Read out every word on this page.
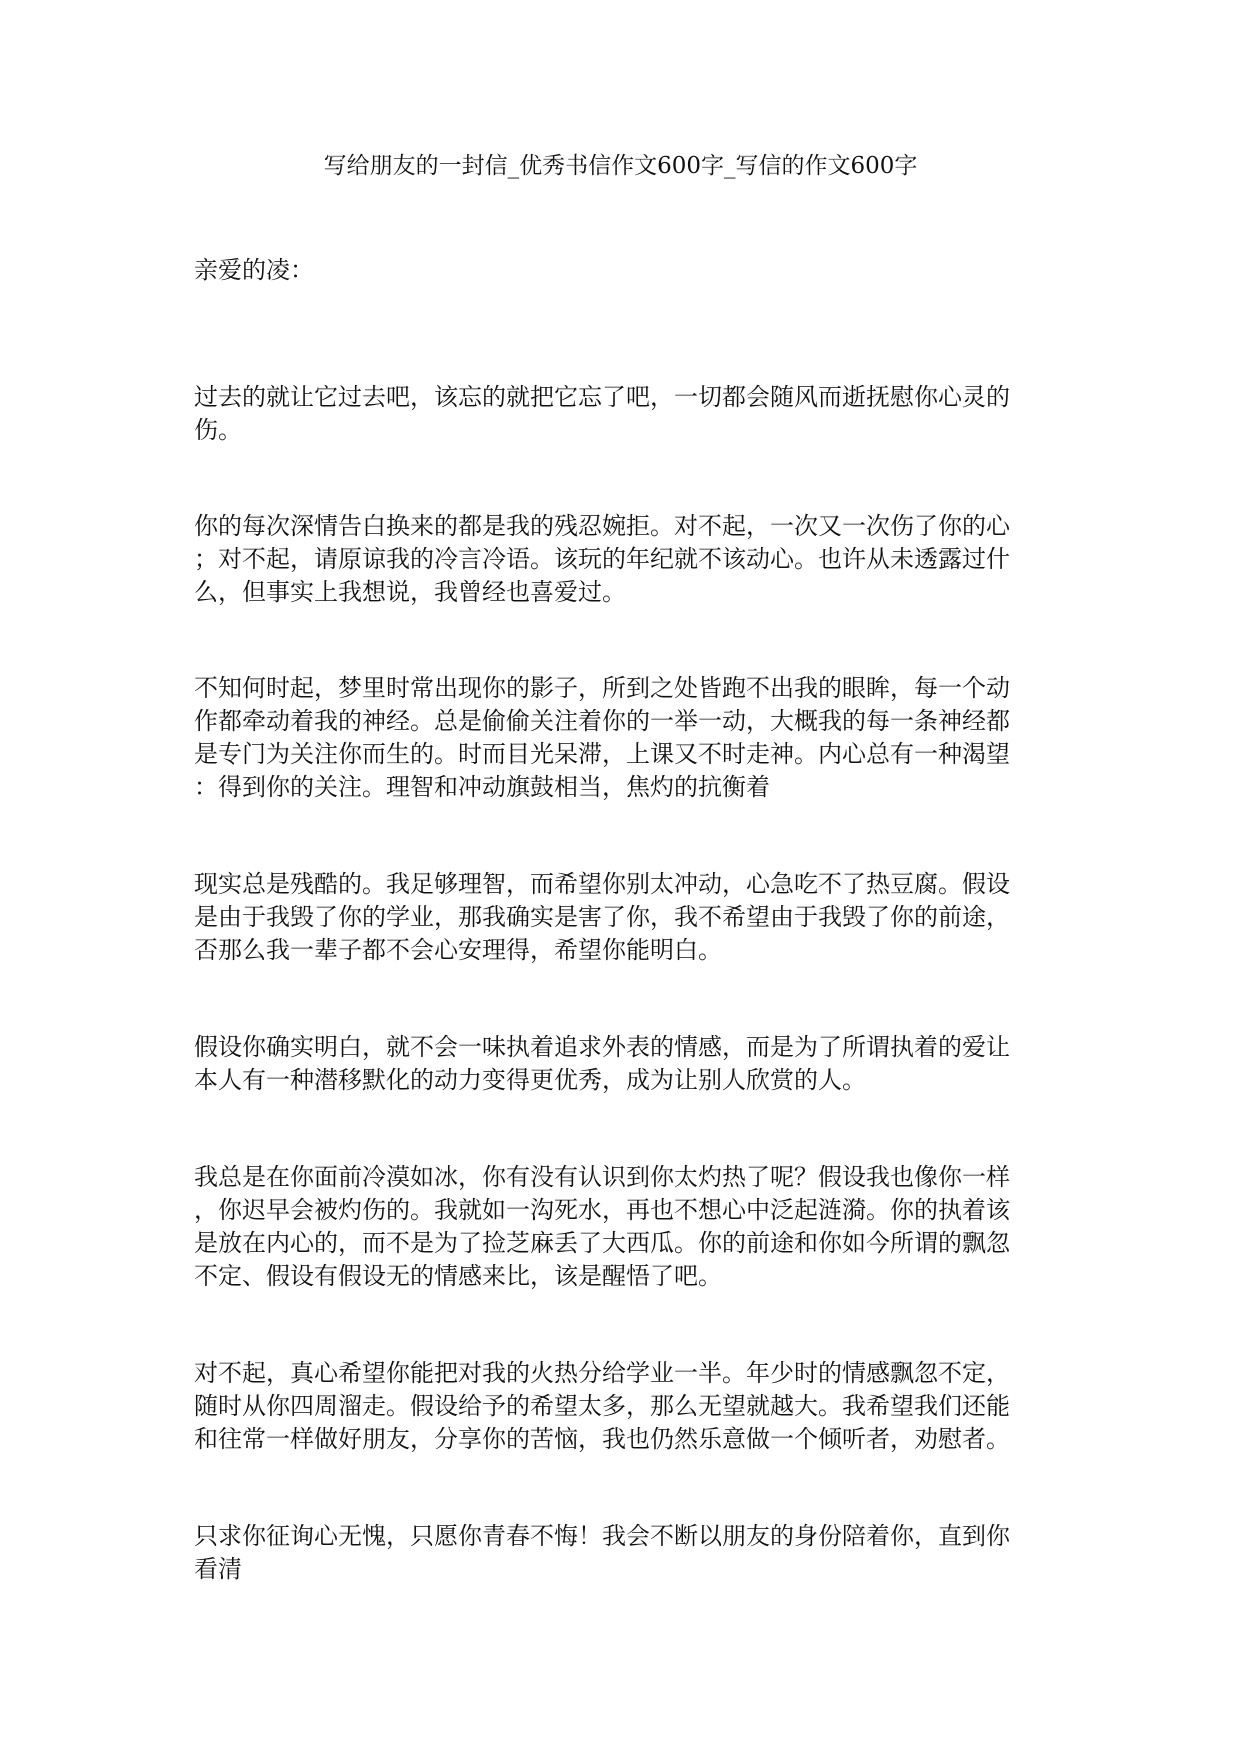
写给朋友的一封信_优秀书信作文600字_写信的作文600字

亲爱的凌：

过去的就让它过去吧，该忘的就把它忘了吧，一切都会随风而逝抚慰你心灵的
伤。

你的每次深情告白换来的都是我的残忍婉拒。对不起，一次又一次伤了你的心
；对不起，请原谅我的冷言冷语。该玩的年纪就不该动心。也许从未透露过什
么，但事实上我想说，我曾经也喜爱过。

不知何时起，梦里时常出现你的影子，所到之处皆跑不出我的眼眸，每一个动
作都牵动着我的神经。总是偷偷关注着你的一举一动，大概我的每一条神经都
是专门为关注你而生的。时而目光呆滞，上课又不时走神。内心总有一种渴望
：得到你的关注。理智和冲动旗鼓相当，焦灼的抗衡着

现实总是残酷的。我足够理智，而希望你别太冲动，心急吃不了热豆腐。假设
是由于我毁了你的学业，那我确实是害了你，我不希望由于我毁了你的前途，
否那么我一辈子都不会心安理得，希望你能明白。

假设你确实明白，就不会一味执着追求外表的情感，而是为了所谓执着的爱让
本人有一种潜移默化的动力变得更优秀，成为让别人欣赏的人。

我总是在你面前冷漠如冰，你有没有认识到你太灼热了呢？假设我也像你一样
，你迟早会被灼伤的。我就如一沟死水，再也不想心中泛起涟漪。你的执着该
是放在内心的，而不是为了捡芝麻丢了大西瓜。你的前途和你如今所谓的飘忽
不定、假设有假设无的情感来比，该是醒悟了吧。

对不起，真心希望你能把对我的火热分给学业一半。年少时的情感飘忽不定，
随时从你四周溜走。假设给予的希望太多，那么无望就越大。我希望我们还能
和往常一样做好朋友，分享你的苦恼，我也仍然乐意做一个倾听者，劝慰者。

只求你征询心无愧，只愿你青春不悔！我会不断以朋友的身份陪着你，直到你
看清
